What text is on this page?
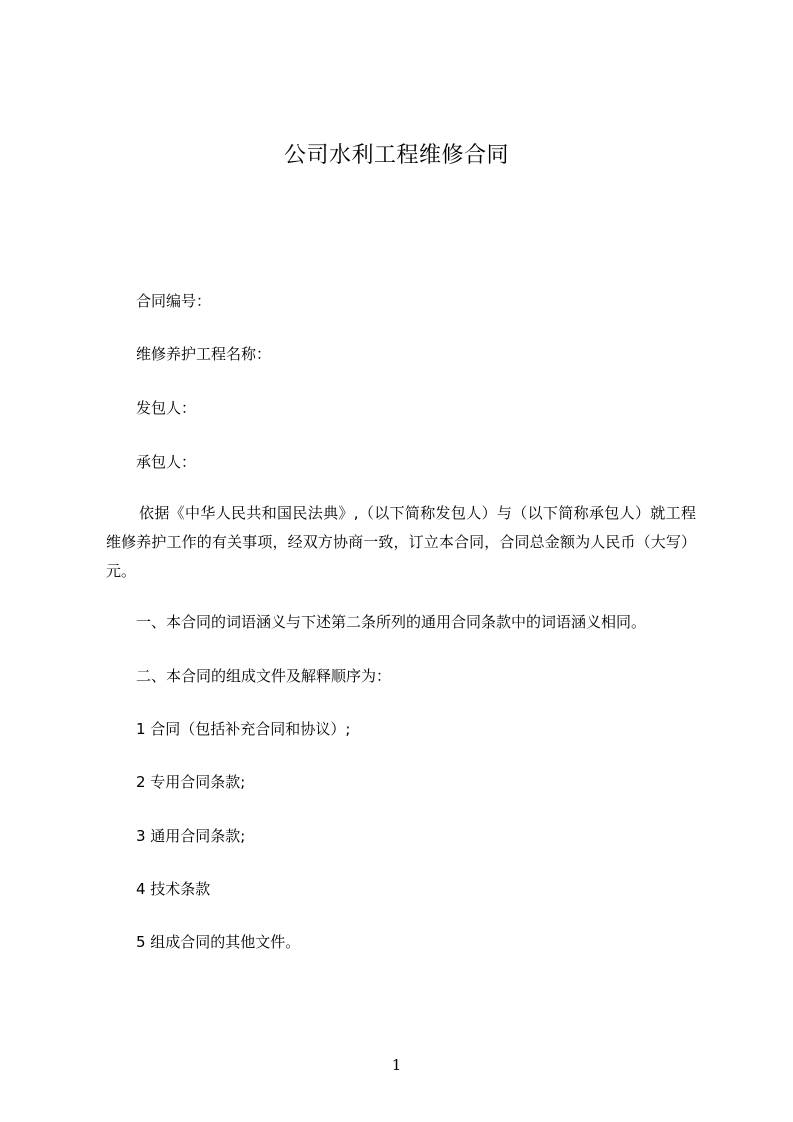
公司水利工程维修合同
合同编号：
维修养护工程名称：
发包人：
承包人：
依据《中华人民共和国民法典》,（以下简称发包人）与（以下简称承包人）就工程维修养护工作的有关事项，经双方协商一致，订立本合同，合同总金额为人民币（大写）元。
一、本合同的词语涵义与下述第二条所列的通用合同条款中的词语涵义相同。
二、本合同的组成文件及解释顺序为：
1 合同（包括补充合同和协议）;
2 专用合同条款;
3 通用合同条款;
4 技术条款
5 组成合同的其他文件。
1
